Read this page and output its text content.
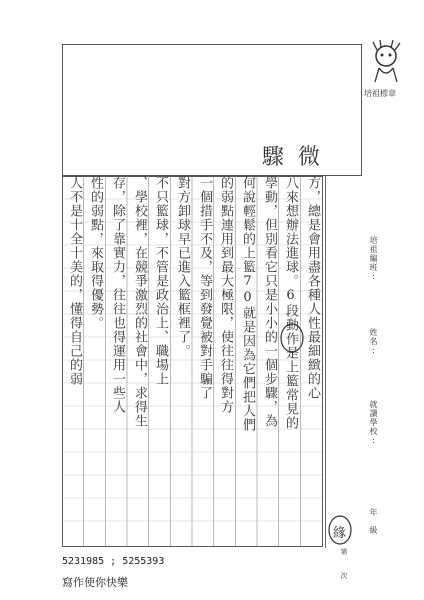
培祖標章
驟微
方，總是會用盡各種人性最細緻的心
八來想辦法進球。6段動作是上籃常見的
學動，但別看它只是小小的一個步驟，為
何說輕鬆的上籃70就是因為它們把人們
的弱點連用到最大極限，使往往得對方
一個措手不及，等到發覺被對手騙了
對方卸球早已進入籃框裡了。
不只籃球，不管是政治上、職場上
、學校裡，在競爭激烈的社會中，求得生
存，除了靠實力，往往也得運用一些人
性的弱點，來取得優勢。
人不是十全十美的，懂得自己的弱
緣
培祖編班:
姓名:
就讀學校:
年　級
第　　次
5231985 ; 5255393
寫作使你快樂
